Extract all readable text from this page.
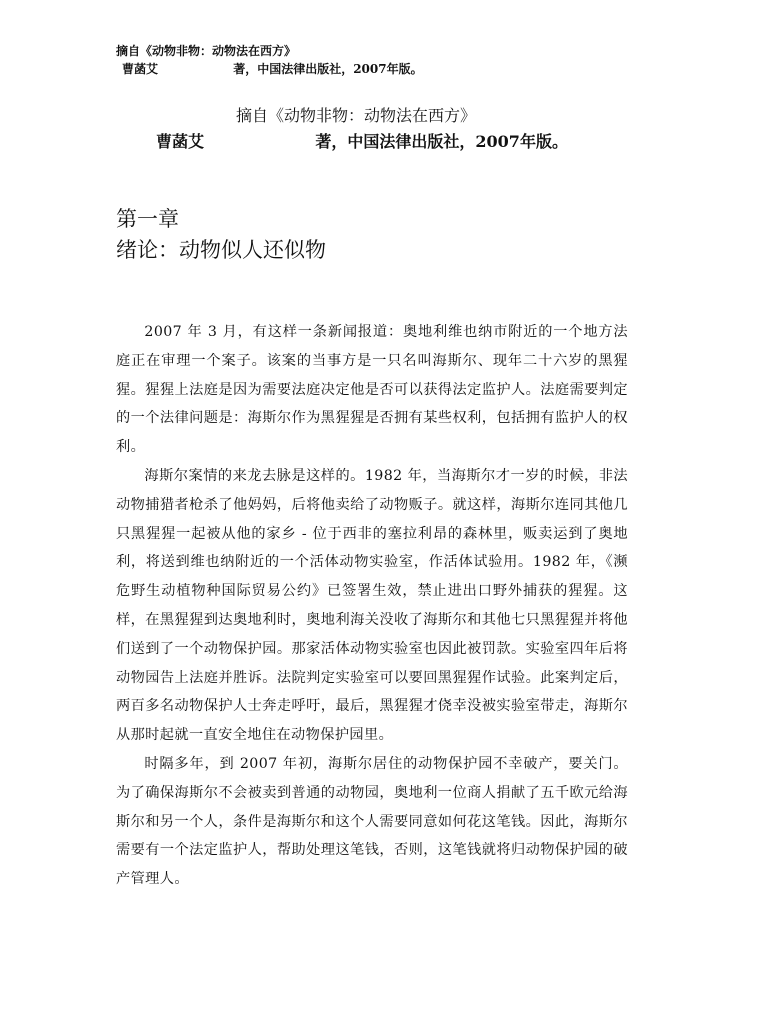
摘自《动物非物：动物法在西方》
曹菡艾                  著，中国法律出版社，2007年版。
摘自《动物非物：动物法在西方》
曹菡艾                    著，中国法律出版社，2007年版。
第一章
绪论：动物似人还似物

2007 年 3 月，有这样一条新闻报道：奥地利维也纳市附近的一个地方法庭正在审理一个案子。该案的当事方是一只名叫海斯尔、现年二十六岁的黑猩猩。猩猩上法庭是因为需要法庭决定他是否可以获得法定监护人。法庭需要判定的一个法律问题是：海斯尔作为黑猩猩是否拥有某些权利，包括拥有监护人的权利。

海斯尔案情的来龙去脉是这样的。1982 年，当海斯尔才一岁的时候，非法动物捕猎者枪杀了他妈妈，后将他卖给了动物贩子。就这样，海斯尔连同其他几只黑猩猩一起被从他的家乡 - 位于西非的塞拉利昂的森林里，贩卖运到了奥地利，将送到维也纳附近的一个活体动物实验室，作活体试验用。1982 年，《濒危野生动植物种国际贸易公约》已签署生效，禁止进出口野外捕获的猩猩。这样，在黑猩猩到达奥地利时，奥地利海关没收了海斯尔和其他七只黑猩猩并将他们送到了一个动物保护园。那家活体动物实验室也因此被罚款。实验室四年后将动物园告上法庭并胜诉。法院判定实验室可以要回黑猩猩作试验。此案判定后，两百多名动物保护人士奔走呼吁，最后，黑猩猩才侥幸没被实验室带走，海斯尔从那时起就一直安全地住在动物保护园里。

时隔多年，到 2007 年初，海斯尔居住的动物保护园不幸破产，要关门。为了确保海斯尔不会被卖到普通的动物园，奥地利一位商人捐献了五千欧元给海斯尔和另一个人，条件是海斯尔和这个人需要同意如何花这笔钱。因此，海斯尔需要有一个法定监护人，帮助处理这笔钱，否则，这笔钱就将归动物保护园的破产管理人。
